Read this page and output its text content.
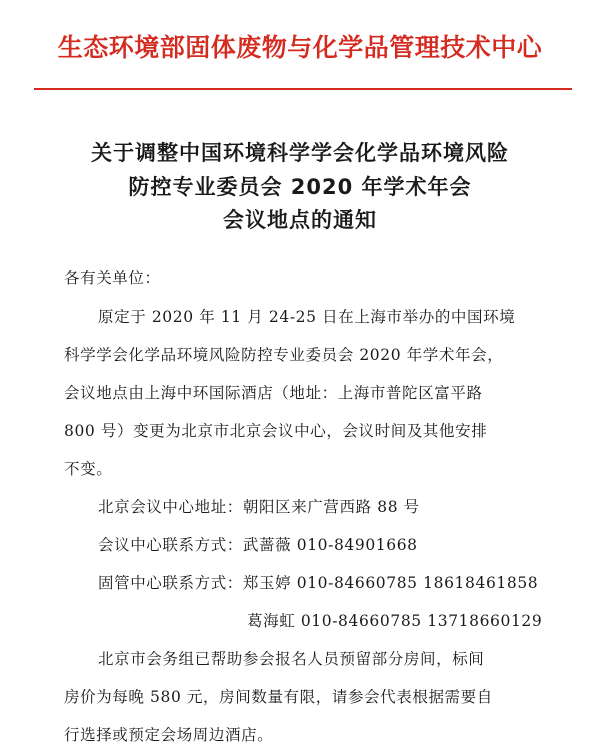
生态环境部固体废物与化学品管理技术中心
关于调整中国环境科学学会化学品环境风险
防控专业委员会 2020 年学术年会
会议地点的通知
各有关单位：
原定于 2020 年 11 月 24-25 日在上海市举办的中国环境
科学学会化学品环境风险防控专业委员会 2020 年学术年会，
会议地点由上海中环国际酒店（地址：上海市普陀区富平路
800 号）变更为北京市北京会议中心，会议时间及其他安排
不变。
北京会议中心地址：朝阳区来广营西路 88 号
会议中心联系方式：武蔷薇 010-84901668
固管中心联系方式：郑玉婷 010-84660785 18618461858
葛海虹 010-84660785 13718660129
北京市会务组已帮助参会报名人员预留部分房间，标间
房价为每晚 580 元，房间数量有限，请参会代表根据需要自
行选择或预定会场周边酒店。
